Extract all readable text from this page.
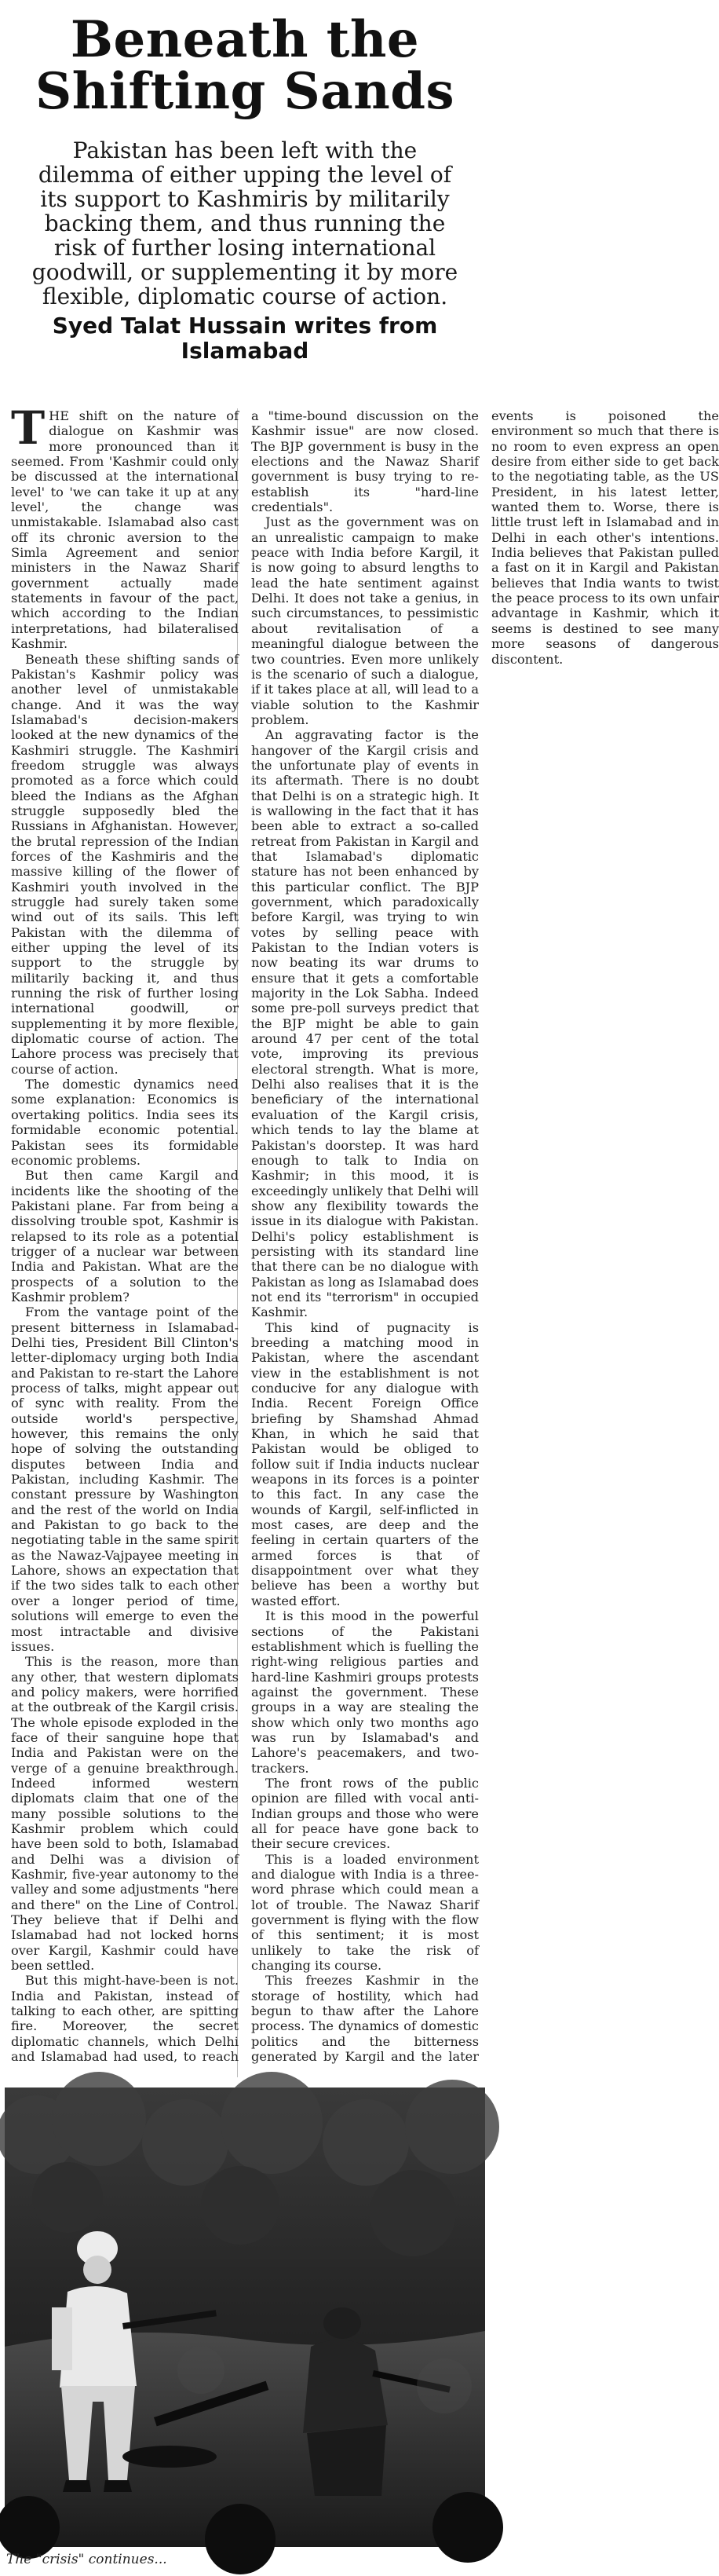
Beneath the Shifting Sands
Pakistan has been left with the dilemma of either upping the level of its support to Kashmiris by militarily backing them, and thus running the risk of further losing international goodwill, or supplementing it by more flexible, diplomatic course of action.
Syed Talat Hussain writes from Islamabad

THE shift on the nature of dialogue on Kashmir was more pronounced than it seemed. From 'Kashmir could only be discussed at the international level' to 'we can take it up at any level', the change was unmistakable. Islamabad also cast off its chronic aversion to the Simla Agreement and senior ministers in the Nawaz Sharif government actually made statements in favour of the pact, which according to the Indian interpretations, had bilateralised Kashmir.

Beneath these shifting sands of Pakistan's Kashmir policy was another level of unmistakable change. And it was the way Islamabad's decision-makers looked at the new dynamics of the Kashmiri struggle. The Kashmiri freedom struggle was always promoted as a force which could bleed the Indians as the Afghan struggle supposedly bled the Russians in Afghanistan. However, the brutal repression of the Indian forces of the Kashmiris and the massive killing of the flower of Kashmiri youth involved in the struggle had surely taken some wind out of its sails. This left Pakistan with the dilemma of either upping the level of its support to the struggle by militarily backing it, and thus running the risk of further losing international goodwill, or supplementing it by more flexible, diplomatic course of action. The Lahore process was precisely that course of action.

The domestic dynamics need some explanation: Economics is overtaking politics. India sees its formidable economic potential. Pakistan sees its formidable economic problems.

But then came Kargil and incidents like the shooting of the Pakistani plane. Far from being a dissolving trouble spot, Kashmir is relapsed to its role as a potential trigger of a nuclear war between India and Pakistan. What are the prospects of a solution to the Kashmir problem?

From the vantage point of the present bitterness in Islamabad-Delhi ties, President Bill Clinton's letter-diplomacy urging both India and Pakistan to re-start the Lahore process of talks, might appear out of sync with reality. From the outside world's perspective, however, this remains the only hope of solving the outstanding disputes between India and Pakistan, including Kashmir. The constant pressure by Washington and the rest of the world on India and Pakistan to go back to the negotiating table in the same spirit as the Nawaz-Vajpayee meeting in Lahore, shows an expectation that if the two sides talk to each other over a longer period of time, solutions will emerge to even the most intractable and divisive issues.

This is the reason, more than any other, that western diplomats and policy makers, were horrified at the outbreak of the Kargil crisis. The whole episode exploded in the face of their sanguine hope that India and Pakistan were on the verge of a genuine breakthrough. Indeed informed western diplomats claim that one of the many possible solutions to the Kashmir problem which could have been sold to both, Islamabad and Delhi was a division of Kashmir, five-year autonomy to the valley and some adjustments "here and there" on the Line of Control. They believe that if Delhi and Islamabad had not locked horns over Kargil, Kashmir could have been settled.

But this might-have-been is not. India and Pakistan, instead of talking to each other, are spitting fire. Moreover, the secret diplomatic channels, which Delhi and Islamabad had used, to reach a "time-bound discussion on the Kashmir issue" are now closed. The BJP government is busy in the elections and the Nawaz Sharif government is busy trying to re-establish its "hard-line credentials".

Just as the government was on an unrealistic campaign to make peace with India before Kargil, it is now going to absurd lengths to lead the hate sentiment against Delhi. It does not take a genius, in such circumstances, to pessimistic about revitalisation of a meaningful dialogue between the two countries. Even more unlikely is the scenario of such a dialogue, if it takes place at all, will lead to a viable solution to the Kashmir problem.

An aggravating factor is the hangover of the Kargil crisis and the unfortunate play of events in its aftermath. There is no doubt that Delhi is on a strategic high. It is wallowing in the fact that it has been able to extract a so-called retreat from Pakistan in Kargil and that Islamabad's diplomatic stature has not been enhanced by this particular conflict. The BJP government, which paradoxically before Kargil, was trying to win votes by selling peace with Pakistan to the Indian voters is now beating its war drums to ensure that it gets a comfortable majority in the Lok Sabha. Indeed some pre-poll surveys predict that the BJP might be able to gain around 47 per cent of the total vote, improving its previous electoral strength. What is more, Delhi also realises that it is the beneficiary of the international evaluation of the Kargil crisis, which tends to lay the blame at Pakistan's doorstep. It was hard enough to talk to India on Kashmir; in this mood, it is exceedingly unlikely that Delhi will show any flexibility towards the issue in its dialogue with Pakistan. Delhi's policy establishment is persisting with its standard line that there can be no dialogue with Pakistan as long as Islamabad does not end its "terrorism" in occupied Kashmir.

This kind of pugnacity is breeding a matching mood in Pakistan, where the ascendant view in the establishment is not conducive for any dialogue with India. Recent Foreign Office briefing by Shamshad Ahmad Khan, in which he said that Pakistan would be obliged to follow suit if India inducts nuclear weapons in its forces is a pointer to this fact. In any case the wounds of Kargil, self-inflicted in most cases, are deep and the feeling in certain quarters of the armed forces is that of disappointment over what they believe has been a worthy but wasted effort.

It is this mood in the powerful sections of the Pakistani establishment which is fuelling the right-wing religious parties and hard-line Kashmiri groups protests against the government. These groups in a way are stealing the show which only two months ago was run by Islamabad's and Lahore's peacemakers, and two-trackers.

The front rows of the public opinion are filled with vocal anti-Indian groups and those who were all for peace have gone back to their secure crevices.

This is a loaded environment and dialogue with India is a three-word phrase which could mean a lot of trouble. The Nawaz Sharif government is flying with the flow of this sentiment; it is most unlikely to take the risk of changing its course.

This freezes Kashmir in the storage of hostility, which had begun to thaw after the Lahore process. The dynamics of domestic politics and the bitterness generated by Kargil and the later events is poisoned the environment so much that there is no room to even express an open desire from either side to get back to the negotiating table, as the US President, in his latest letter, wanted them to. Worse, there is little trust left in Islamabad and in Delhi in each other's intentions. India believes that Pakistan pulled a fast on it in Kargil and Pakistan believes that India wants to twist the peace process to its own unfair advantage in Kashmir, which it seems is destined to see many more seasons of dangerous discontent.

The "crisis" continues...
